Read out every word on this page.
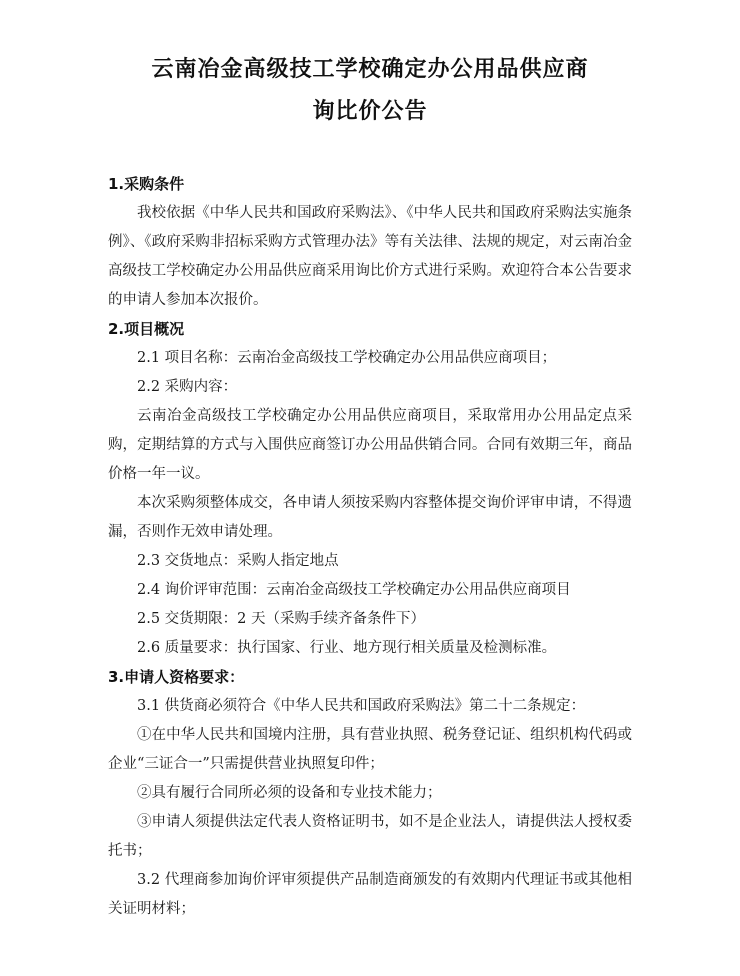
云南冶金高级技工学校确定办公用品供应商
询比价公告
1.采购条件
我校依据《中华人民共和国政府采购法》、《中华人民共和国政府采购法实施条例》、《政府采购非招标采购方式管理办法》等有关法律、法规的规定，对云南冶金高级技工学校确定办公用品供应商采用询比价方式进行采购。欢迎符合本公告要求的申请人参加本次报价。
2.项目概况
2.1 项目名称：云南冶金高级技工学校确定办公用品供应商项目；
2.2 采购内容：
云南冶金高级技工学校确定办公用品供应商项目，采取常用办公用品定点采购，定期结算的方式与入围供应商签订办公用品供销合同。合同有效期三年，商品价格一年一议。
本次采购须整体成交，各申请人须按采购内容整体提交询价评审申请，不得遗漏，否则作无效申请处理。
2.3 交货地点：采购人指定地点
2.4 询价评审范围：云南冶金高级技工学校确定办公用品供应商项目
2.5 交货期限：2 天（采购手续齐备条件下）
2.6 质量要求：执行国家、行业、地方现行相关质量及检测标准。
3.申请人资格要求：
3.1 供货商必须符合《中华人民共和国政府采购法》第二十二条规定：
①在中华人民共和国境内注册，具有营业执照、税务登记证、组织机构代码或企业“三证合一”只需提供营业执照复印件；
②具有履行合同所必须的设备和专业技术能力；
③申请人须提供法定代表人资格证明书，如不是企业法人，请提供法人授权委托书；
3.2 代理商参加询价评审须提供产品制造商颁发的有效期内代理证书或其他相关证明材料；
